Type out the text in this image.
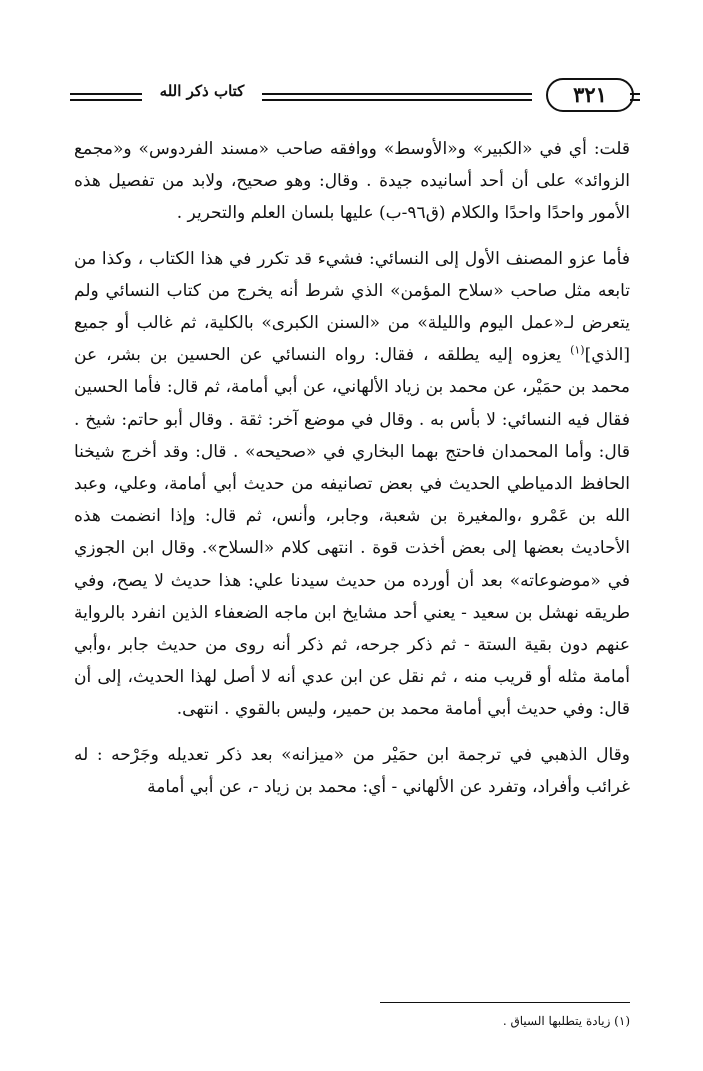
كتاب ذكر الله	٣٢١

قلت: أي في «الكبير» و«الأوسط» ووافقه صاحب «مسند الفردوس» و«مجمع الزوائد» على أن أحد أسانيده جيدة . وقال: وهو صحيح، ولابد من تفصيل هذه الأمور واحدًا واحدًا والكلام (ق٩٦-ب) عليها بلسان العلم والتحرير .

فأما عزو المصنف الأول إلى النسائي: فشيء قد تكرر في هذا الكتاب ، وكذا من تابعه مثل صاحب «سلاح المؤمن» الذي شرط أنه يخرج من كتاب النسائي ولم يتعرض لـ«عمل اليوم والليلة» من «السنن الكبرى» بالكلية، ثم غالب أو جميع [الذي]$^{(١)}$ يعزوه إليه يطلقه ، فقال: رواه النسائي عن الحسين بن بشر، عن محمد بن حمَيْر، عن محمد بن زياد الألهاني، عن أبي أمامة، ثم قال: فأما الحسين فقال فيه النسائي: لا بأس به . وقال في موضع آخر: ثقة . وقال أبو حاتم: شيخ . قال: وأما المحمدان فاحتج بهما البخاري في «صحيحه» . قال: وقد أخرج شيخنا الحافظ الدمياطي الحديث في بعض تصانيفه من حديث أبي أمامة، وعلي، وعبد الله بن عَمْرو ،والمغيرة بن شعبة، وجابر، وأنس، ثم قال: وإذا انضمت هذه الأحاديث بعضها إلى بعض أخذت قوة . انتهى كلام «السلاح». وقال ابن الجوزي في «موضوعاته» بعد أن أورده من حديث سيدنا علي: هذا حديث لا يصح، وفي طريقه نهشل بن سعيد - يعني أحد مشايخ ابن ماجه الضعفاء الذين انفرد بالرواية عنهم دون بقية الستة - ثم ذكر جرحه، ثم ذكر أنه روى من حديث جابر ،وأبي أمامة مثله أو قريب منه ، ثم نقل عن ابن عدي أنه لا أصل لهذا الحديث، إلى أن قال: وفي حديث أبي أمامة محمد بن حمير، وليس بالقوي . انتهى.

وقال الذهبي في ترجمة ابن حمَيْر من «ميزانه» بعد ذكر تعديله وجَرْحه : له غرائب وأفراد، وتفرد عن الألهاني - أي: محمد بن زياد -، عن أبي أمامة

(١) زيادة يتطلبها السياق .
